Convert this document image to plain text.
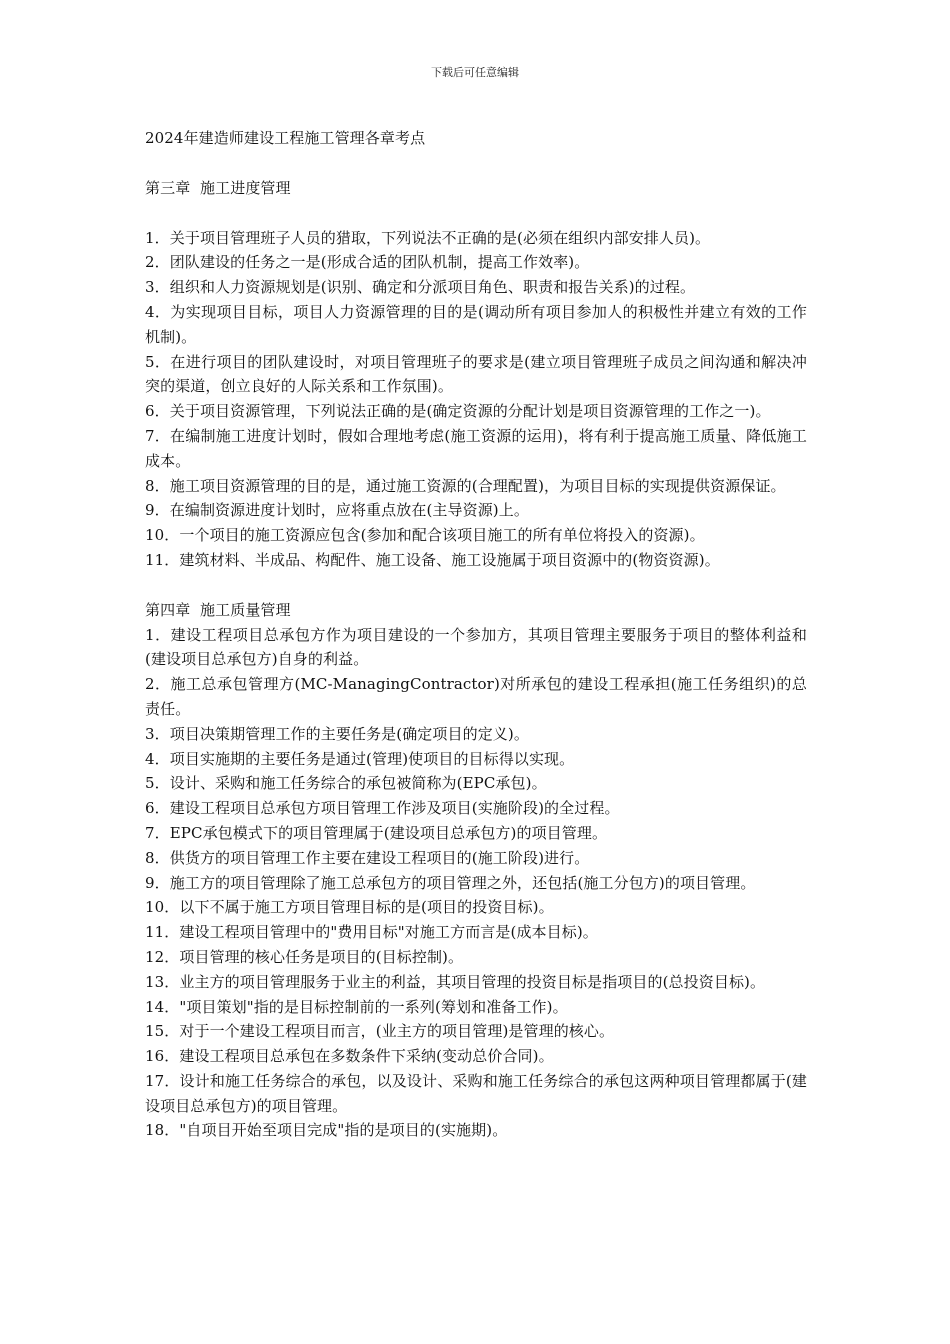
下载后可任意编辑

2024年建造师建设工程施工管理各章考点

第三章  施工进度管理

1．关于项目管理班子人员的猎取，下列说法不正确的是(必须在组织内部安排人员)。
2．团队建设的任务之一是(形成合适的团队机制，提高工作效率)。
3．组织和人力资源规划是(识别、确定和分派项目角色、职责和报告关系)的过程。
4．为实现项目目标，项目人力资源管理的目的是(调动所有项目参加人的积极性并建立有效的工作机制)。
5．在进行项目的团队建设时，对项目管理班子的要求是(建立项目管理班子成员之间沟通和解决冲突的渠道，创立良好的人际关系和工作氛围)。
6．关于项目资源管理，下列说法正确的是(确定资源的分配计划是项目资源管理的工作之一)。
7．在编制施工进度计划时，假如合理地考虑(施工资源的运用)，将有利于提高施工质量、降低施工成本。
8．施工项目资源管理的目的是，通过施工资源的(合理配置)，为项目目标的实现提供资源保证。
9．在编制资源进度计划时，应将重点放在(主导资源)上。
10．一个项目的施工资源应包含(参加和配合该项目施工的所有单位将投入的资源)。
11．建筑材料、半成品、构配件、施工设备、施工设施属于项目资源中的(物资资源)。

第四章  施工质量管理

1．建设工程项目总承包方作为项目建设的一个参加方，其项目管理主要服务于项目的整体利益和(建设项目总承包方)自身的利益。
2．施工总承包管理方(MC-ManagingContractor)对所承包的建设工程承担(施工任务组织)的总责任。
3．项目决策期管理工作的主要任务是(确定项目的定义)。
4．项目实施期的主要任务是通过(管理)使项目的目标得以实现。
5．设计、采购和施工任务综合的承包被简称为(EPC承包)。
6．建设工程项目总承包方项目管理工作涉及项目(实施阶段)的全过程。
7．EPC承包模式下的项目管理属于(建设项目总承包方)的项目管理。
8．供货方的项目管理工作主要在建设工程项目的(施工阶段)进行。
9．施工方的项目管理除了施工总承包方的项目管理之外，还包括(施工分包方)的项目管理。
10．以下不属于施工方项目管理目标的是(项目的投资目标)。
11．建设工程项目管理中的"费用目标"对施工方而言是(成本目标)。
12．项目管理的核心任务是项目的(目标控制)。
13．业主方的项目管理服务于业主的利益，其项目管理的投资目标是指项目的(总投资目标)。
14．"项目策划"指的是目标控制前的一系列(筹划和准备工作)。
15．对于一个建设工程项目而言，(业主方的项目管理)是管理的核心。
16．建设工程项目总承包在多数条件下采纳(变动总价合同)。
17．设计和施工任务综合的承包，以及设计、采购和施工任务综合的承包这两种项目管理都属于(建设项目总承包方)的项目管理。
18．"自项目开始至项目完成"指的是项目的(实施期)。
